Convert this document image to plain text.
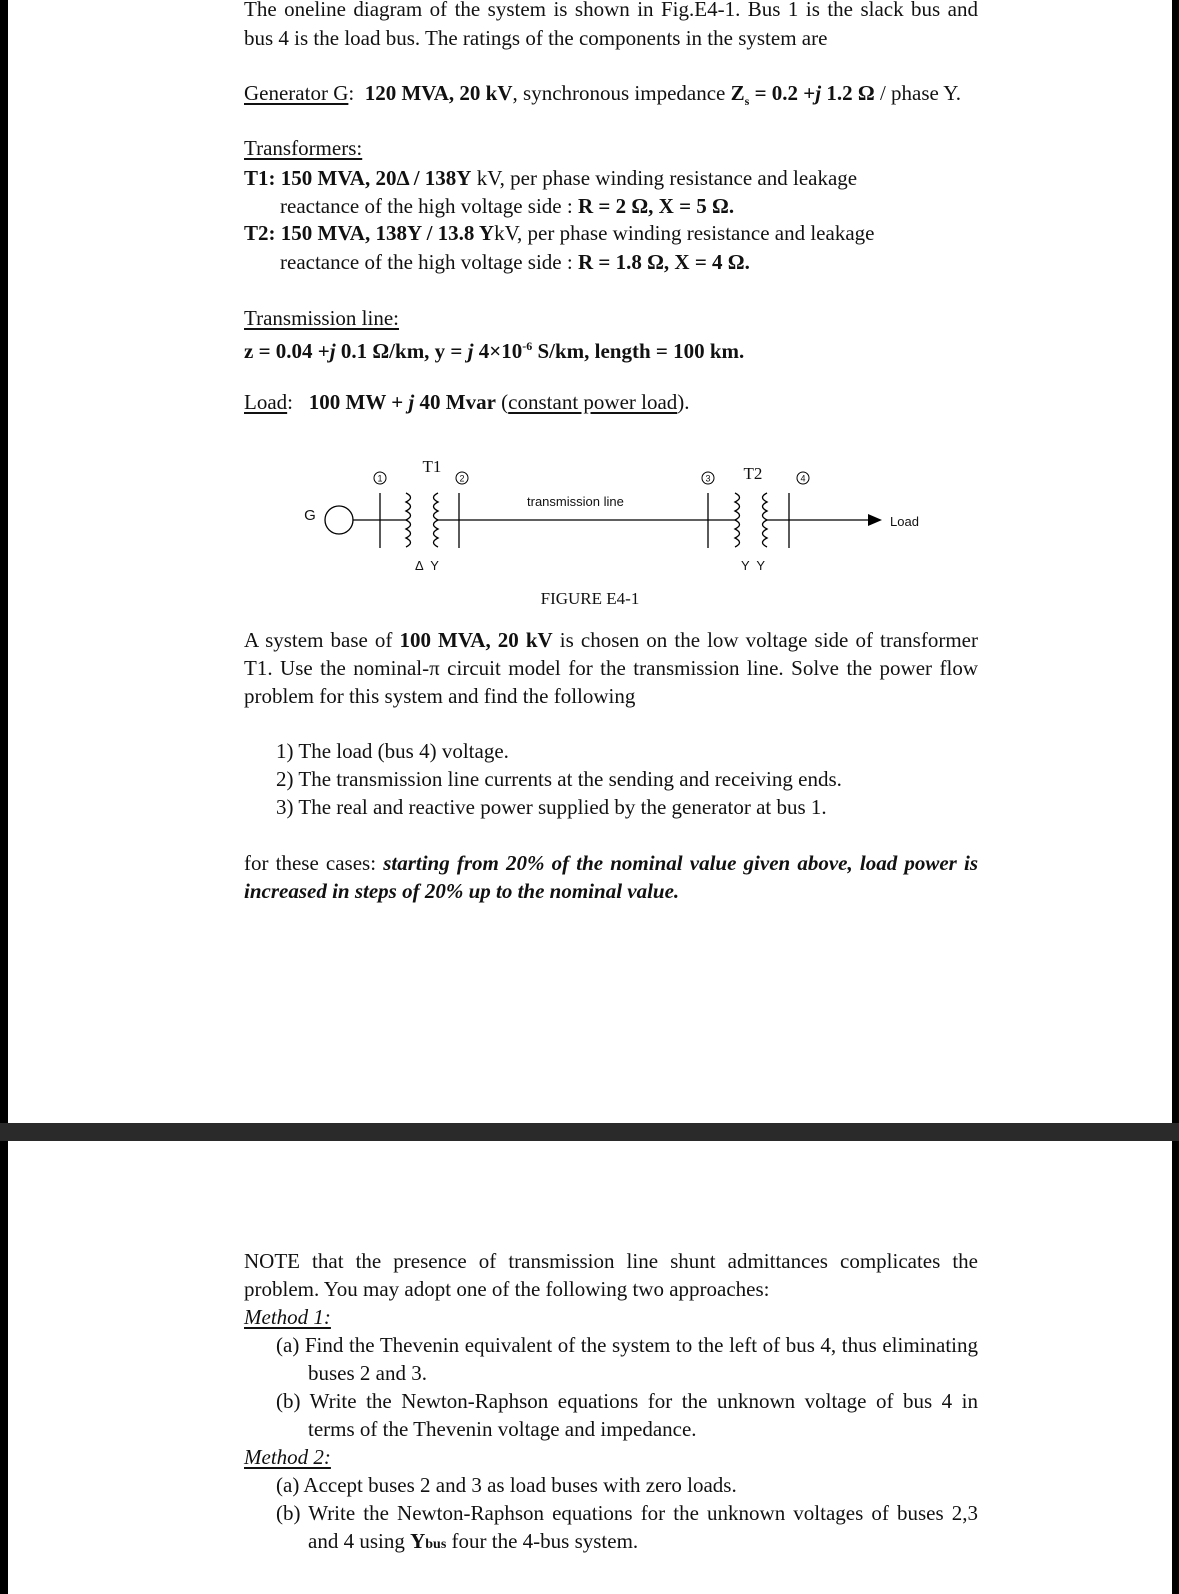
The oneline diagram of the system is shown in Fig.E4-1. Bus 1 is the slack bus and
bus 4 is the load bus. The ratings of the components in the system are
Generator G: 120 MVA, 20 kV, synchronous impedance $Z_s = 0.2 +j$ 1.2 Ω / phase Y.
Transformers:
T1: 150 MVA, 20Δ / 138Y kV, per phase winding resistance and leakage
reactance of the high voltage side : R = 2 Ω, X = 5 Ω.
T2: 150 MVA, 138Y / 13.8 YkV, per phase winding resistance and leakage
reactance of the high voltage side : R = 1.8 Ω, X = 4 Ω.
Transmission line:
z = 0.04 +j 0.1 Ω/km, y = j $4\times 10^{-6}$ S/km, length = 100 km.
Load: 100 MW + j 40 Mvar (constant power load).
1	2	3	4
G
transmission line
Load
Δ  Y	Y  Y
T1	T2
FIGURE E4-1
A system base of 100 MVA, 20 kV is chosen on the low voltage side of transformer
T1. Use the nominal-π circuit model for the transmission line. Solve the power flow
problem for this system and find the following
1) The load (bus 4) voltage.
2) The transmission line currents at the sending and receiving ends.
3) The real and reactive power supplied by the generator at bus 1.
for these cases: starting from 20% of the nominal value given above, load power is
increased in steps of 20% up to the nominal value.
NOTE that the presence of transmission line shunt admittances complicates the
problem. You may adopt one of the following two approaches:
Method 1:
(a) Find the Thevenin equivalent of the system to the left of bus 4, thus eliminating
buses 2 and 3.
(b) Write the Newton-Raphson equations for the unknown voltage of bus 4 in
terms of the Thevenin voltage and impedance.
Method 2:
(a) Accept buses 2 and 3 as load buses with zero loads.
(b) Write the Newton-Raphson equations for the unknown voltages of buses 2,3
and 4 using Ybus four the 4-bus system.
